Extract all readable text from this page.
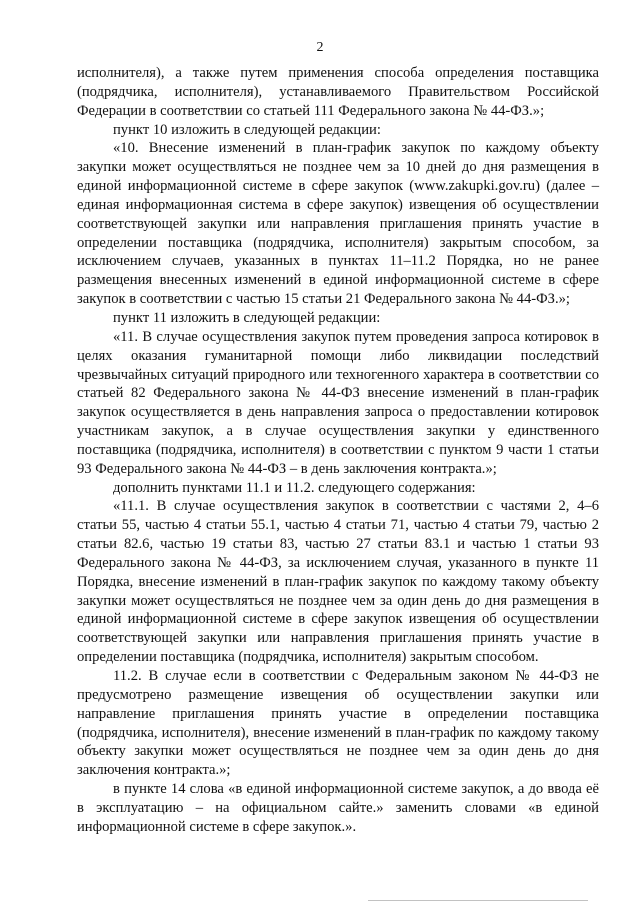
2

исполнителя), а также путем применения способа определения поставщика (подрядчика, исполнителя), устанавливаемого Правительством Российской Федерации в соответствии со статьей 111 Федерального закона № 44-ФЗ.»;

пункт 10 изложить в следующей редакции:

«10. Внесение изменений в план-график закупок по каждому объекту закупки может осуществляться не позднее чем за 10 дней до дня размещения в единой информационной системе в сфере закупок (www.zakupki.gov.ru) (далее – единая информационная система в сфере закупок) извещения об осуществлении соответствующей закупки или направления приглашения принять участие в определении поставщика (подрядчика, исполнителя) закрытым способом, за исключением случаев, указанных в пунктах 11–11.2 Порядка, но не ранее размещения внесенных изменений в единой информационной системе в сфере закупок в соответствии с частью 15 статьи 21 Федерального закона № 44-ФЗ.»;

пункт 11 изложить в следующей редакции:

«11. В случае осуществления закупок путем проведения запроса котировок в целях оказания гуманитарной помощи либо ликвидации последствий чрезвычайных ситуаций природного или техногенного характера в соответствии со статьей 82 Федерального закона № 44-ФЗ внесение изменений в план-график закупок осуществляется в день направления запроса о предоставлении котировок участникам закупок, а в случае осуществления закупки у единственного поставщика (подрядчика, исполнителя) в соответствии с пунктом 9 части 1 статьи 93 Федерального закона № 44-ФЗ – в день заключения контракта.»;

дополнить пунктами 11.1 и 11.2. следующего содержания:

«11.1. В случае осуществления закупок в соответствии с частями 2, 4–6 статьи 55, частью 4 статьи 55.1, частью 4 статьи 71, частью 4 статьи 79, частью 2 статьи 82.6, частью 19 статьи 83, частью 27 статьи 83.1 и частью 1 статьи 93 Федерального закона № 44-ФЗ, за исключением случая, указанного в пункте 11 Порядка, внесение изменений в план-график закупок по каждому такому объекту закупки может осуществляться не позднее чем за один день до дня размещения в единой информационной системе в сфере закупок извещения об осуществлении соответствующей закупки или направления приглашения принять участие в определении поставщика (подрядчика, исполнителя) закрытым способом.

11.2. В случае если в соответствии с Федеральным законом № 44-ФЗ не предусмотрено размещение извещения об осуществлении закупки или направление приглашения принять участие в определении поставщика (подрядчика, исполнителя), внесение изменений в план-график по каждому такому объекту закупки может осуществляться не позднее чем за один день до дня заключения контракта.»;

в пункте 14 слова «в единой информационной системе закупок, а до ввода её в эксплуатацию – на официальном сайте.» заменить словами «в единой информационной системе в сфере закупок.».
